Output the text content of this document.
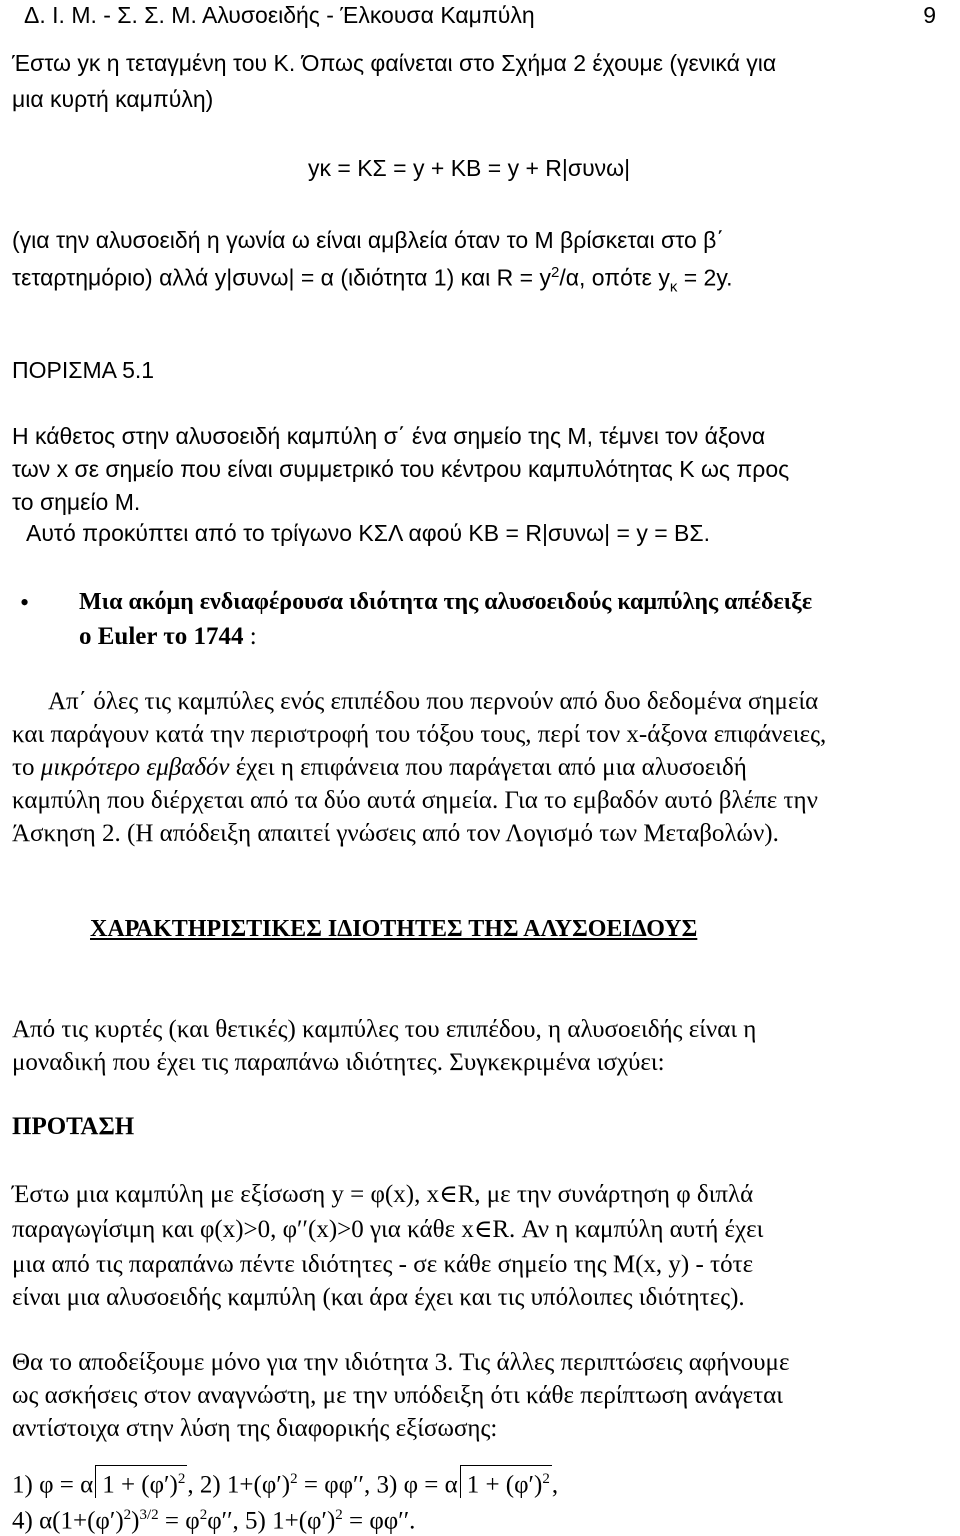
Δ. Ι. Μ. - Σ. Σ. Μ. Αλυσοειδής - Έλκουσα Καμπύλη	9
Έστω yκ η τεταγμένη του Κ. Όπως φαίνεται στο Σχήμα 2 έχουμε (γενικά για
μια κυρτή καμπύλη)
yκ = ΚΣ = y + ΚΒ = y + R|συνω|
(για την αλυσοειδή η γωνία ω είναι αμβλεία όταν το Μ βρίσκεται στο β΄
τεταρτημόριο) αλλά y|συνω| = α (ιδιότητα 1) και $R = y^2/\alpha$, οπότε $y_\kappa = 2y$.
ΠΟΡΙΣΜΑ 5.1
Η κάθετος στην αλυσοειδή καμπύλη σ΄ ένα σημείο της Μ, τέμνει τον άξονα
των x σε σημείο που είναι συμμετρικό του κέντρου καμπυλότητας Κ ως προς
το σημείο Μ.
Αυτό προκύπτει από το τρίγωνο ΚΣΛ αφού ΚΒ = R|συνω| = y = ΒΣ.
• Μια ακόμη ενδιαφέρουσα ιδιότητα της αλυσοειδούς καμπύλης απέδειξε
ο Euler το 1744 :
Απ΄ όλες τις καμπύλες ενός επιπέδου που περνούν από δυο δεδομένα σημεία
και παράγουν κατά την περιστροφή του τόξου τους, περί τον x-άξονα επιφάνειες,
το μικρότερο εμβαδόν έχει η επιφάνεια που παράγεται από μια αλυσοειδή
καμπύλη που διέρχεται από τα δύο αυτά σημεία. Για το εμβαδόν αυτό βλέπε την
Άσκηση 2. (Η απόδειξη απαιτεί γνώσεις από τον Λογισμό των Μεταβολών).
ΧΑΡΑΚΤΗΡΙΣΤΙΚΕΣ ΙΔΙΟΤΗΤΕΣ ΤΗΣ ΑΛΥΣΟΕΙΔΟΥΣ
Από τις κυρτές (και θετικές) καμπύλες του επιπέδου, η αλυσοειδής είναι η
μοναδική που έχει τις παραπάνω ιδιότητες. Συγκεκριμένα ισχύει:
ΠΡΟΤΑΣΗ
Έστω μια καμπύλη με εξίσωση y = φ(x), x∈R, με την συνάρτηση φ διπλά
παραγωγίσιμη και φ(x)>0, φ′′(x)>0 για κάθε x∈R. Αν η καμπύλη αυτή έχει
μια από τις παραπάνω πέντε ιδιότητες - σε κάθε σημείο της Μ(x, y) - τότε
είναι μια αλυσοειδής καμπύλη (και άρα έχει και τις υπόλοιπες ιδιότητες).
Θα το αποδείξουμε μόνο για την ιδιότητα 3. Τις άλλες περιπτώσεις αφήνουμε
ως ασκήσεις στον αναγνώστη, με την υπόδειξη ότι κάθε περίπτωση ανάγεται
αντίστοιχα στην λύση της διαφορικής εξίσωσης:
1) φ = α $1 + (\varphi')^2$, 2) $1+(\varphi')^2 = \varphi\varphi''$, 3) φ = α $1 + (\varphi')^2$,
4) $\alpha(1+(\varphi')^2)^{3/2} = \varphi^2\varphi''$, 5) $1+(\varphi')^2 = \varphi\varphi''$.
